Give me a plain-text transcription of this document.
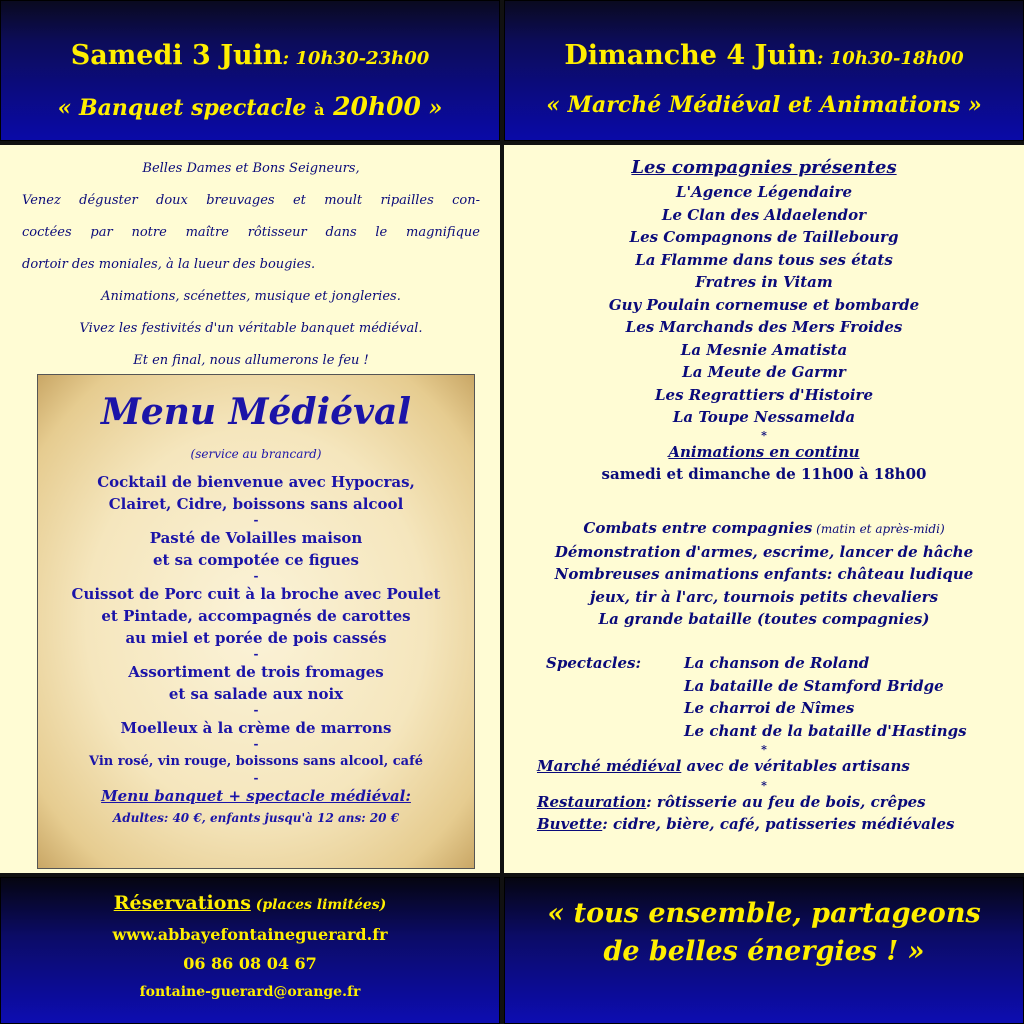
Samedi 3 Juin: 10h30-23h00
« Banquet spectacle à 20h00 »
Dimanche 4 Juin: 10h30-18h00
« Marché Médiéval et Animations »

Belles Dames et Bons Seigneurs,

Venez déguster doux breuvages et moult ripailles con-

coctées par notre maître rôtisseur dans le magnifique

dortoir des moniales, à la lueur des bougies.

Animations, scénettes, musique et jongleries.

Vivez les festivités d'un véritable banquet médiéval.

Et en final, nous allumerons le feu !

Menu Médiéval
(service au brancard)
Cocktail de bienvenue avec Hypocras,
Clairet, Cidre, boissons sans alcool
-
Pasté de Volailles maison
et sa compotée ce figues
-
Cuissot de Porc cuit à la broche avec Poulet
et Pintade, accompagnés de carottes
au miel et porée de pois cassés
-
Assortiment de trois fromages
et sa salade aux noix
-
Moelleux à la crème de marrons
-
Vin rosé, vin rouge, boissons sans alcool, café
-
Menu banquet + spectacle médiéval:
Adultes: 40 €, enfants jusqu'à 12 ans: 20 €
Les compagnies présentes
L'Agence Légendaire
Le Clan des Aldaelendor
Les Compagnons de Taillebourg
La Flamme dans tous ses états
Fratres in Vitam
Guy Poulain cornemuse et bombarde
Les Marchands des Mers Froides
La Mesnie Amatista
La Meute de Garmr
Les Regrattiers d'Histoire
La Toupe Nessamelda
*
Animations en continu
samedi et dimanche de 11h00 à 18h00
Combats entre compagnies (matin et après-midi)
Démonstration d'armes, escrime, lancer de hâche
Nombreuses animations enfants: château ludique
jeux, tir à l'arc, tournois petits chevaliers
La grande bataille (toutes compagnies)
Spectacles:	La chanson de Roland
La bataille de Stamford Bridge
Le charroi de Nîmes
Le chant de la bataille d'Hastings
*
Marché médiéval avec de véritables artisans
*
Restauration: rôtisserie au feu de bois, crêpes
Buvette: cidre, bière, café, patisseries médiévales
Réservations (places limitées)
www.abbayefontaineguerard.fr
06 86 08 04 67
fontaine-guerard@orange.fr
« tous ensemble, partageons
de belles énergies ! »
